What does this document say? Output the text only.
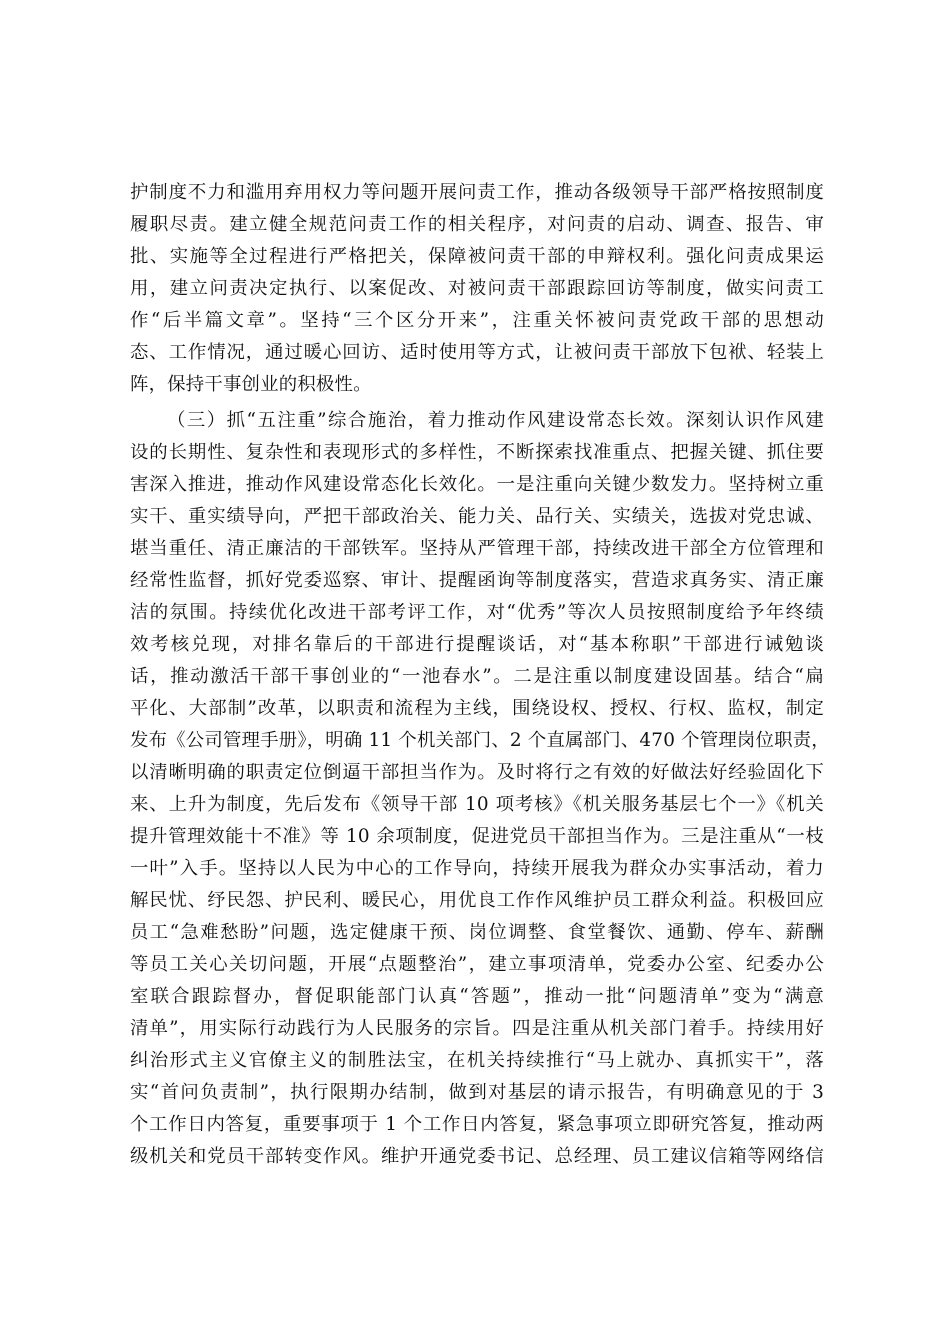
护制度不力和滥用弃用权力等问题开展问责工作，推动各级领导干部严格按照制度
履职尽责。建立健全规范问责工作的相关程序，对问责的启动、调查、报告、审
批、实施等全过程进行严格把关，保障被问责干部的申辩权利。强化问责成果运
用，建立问责决定执行、以案促改、对被问责干部跟踪回访等制度，做实问责工
作“后半篇文章”。坚持“三个区分开来”，注重关怀被问责党政干部的思想动
态、工作情况，通过暖心回访、适时使用等方式，让被问责干部放下包袱、轻装上
阵，保持干事创业的积极性。
（三）抓“五注重”综合施治，着力推动作风建设常态长效。深刻认识作风建
设的长期性、复杂性和表现形式的多样性，不断探索找准重点、把握关键、抓住要
害深入推进，推动作风建设常态化长效化。一是注重向关键少数发力。坚持树立重
实干、重实绩导向，严把干部政治关、能力关、品行关、实绩关，选拔对党忠诚、
堪当重任、清正廉洁的干部铁军。坚持从严管理干部，持续改进干部全方位管理和
经常性监督，抓好党委巡察、审计、提醒函询等制度落实，营造求真务实、清正廉
洁的氛围。持续优化改进干部考评工作，对“优秀”等次人员按照制度给予年终绩
效考核兑现，对排名靠后的干部进行提醒谈话，对“基本称职”干部进行诫勉谈
话，推动激活干部干事创业的“一池春水”。二是注重以制度建设固基。结合“扁
平化、大部制”改革，以职责和流程为主线，围绕设权、授权、行权、监权，制定
发布《公司管理手册》，明确 11 个机关部门、2 个直属部门、470 个管理岗位职责，
以清晰明确的职责定位倒逼干部担当作为。及时将行之有效的好做法好经验固化下
来、上升为制度，先后发布《领导干部 10 项考核》《机关服务基层七个一》《机关
提升管理效能十不准》等 10 余项制度，促进党员干部担当作为。三是注重从“一枝
一叶”入手。坚持以人民为中心的工作导向，持续开展我为群众办实事活动，着力
解民忧、纾民怨、护民利、暖民心，用优良工作作风维护员工群众利益。积极回应
员工“急难愁盼”问题，选定健康干预、岗位调整、食堂餐饮、通勤、停车、薪酬
等员工关心关切问题，开展“点题整治”，建立事项清单，党委办公室、纪委办公
室联合跟踪督办，督促职能部门认真“答题”，推动一批“问题清单”变为“满意
清单”，用实际行动践行为人民服务的宗旨。四是注重从机关部门着手。持续用好
纠治形式主义官僚主义的制胜法宝，在机关持续推行“马上就办、真抓实干”，落
实“首问负责制”，执行限期办结制，做到对基层的请示报告，有明确意见的于 3
个工作日内答复，重要事项于 1 个工作日内答复，紧急事项立即研究答复，推动两
级机关和党员干部转变作风。维护开通党委书记、总经理、员工建议信箱等网络信
